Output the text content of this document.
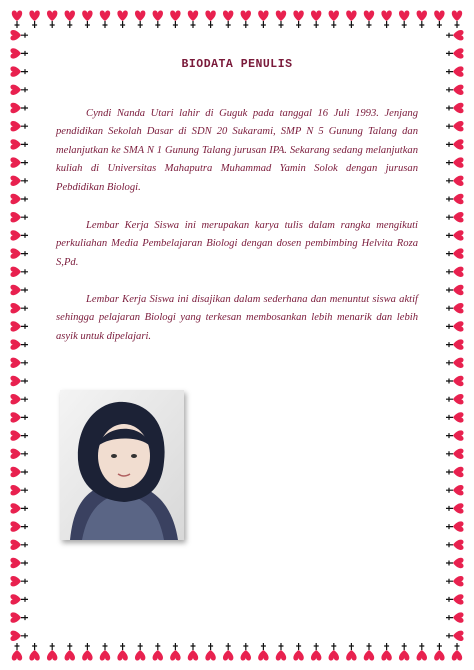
BIODATA PENULIS
Cyndi Nanda Utari lahir di Guguk pada tanggal 16 Juli 1993. Jenjang pendidikan Sekolah Dasar di SDN 20 Sukarami, SMP N 5 Gunung Talang dan melanjutkan ke SMA N 1 Gunung Talang jurusan IPA. Sekarang sedang melanjutkan kuliah di Universitas Mahaputra Muhammad Yamin Solok dengan jurusan Pebdidikan Biologi.
Lembar Kerja Siswa ini merupakan karya tulis dalam rangka mengikuti perkuliahan Media Pembelajaran Biologi dengan dosen pembimbing Helvita Roza S,Pd.
Lembar Kerja Siswa ini disajikan dalam sederhana dan menuntut siswa aktif sehingga pelajaran Biologi yang terkesan membosankan lebih menarik dan lebih asyik untuk dipelajari.
